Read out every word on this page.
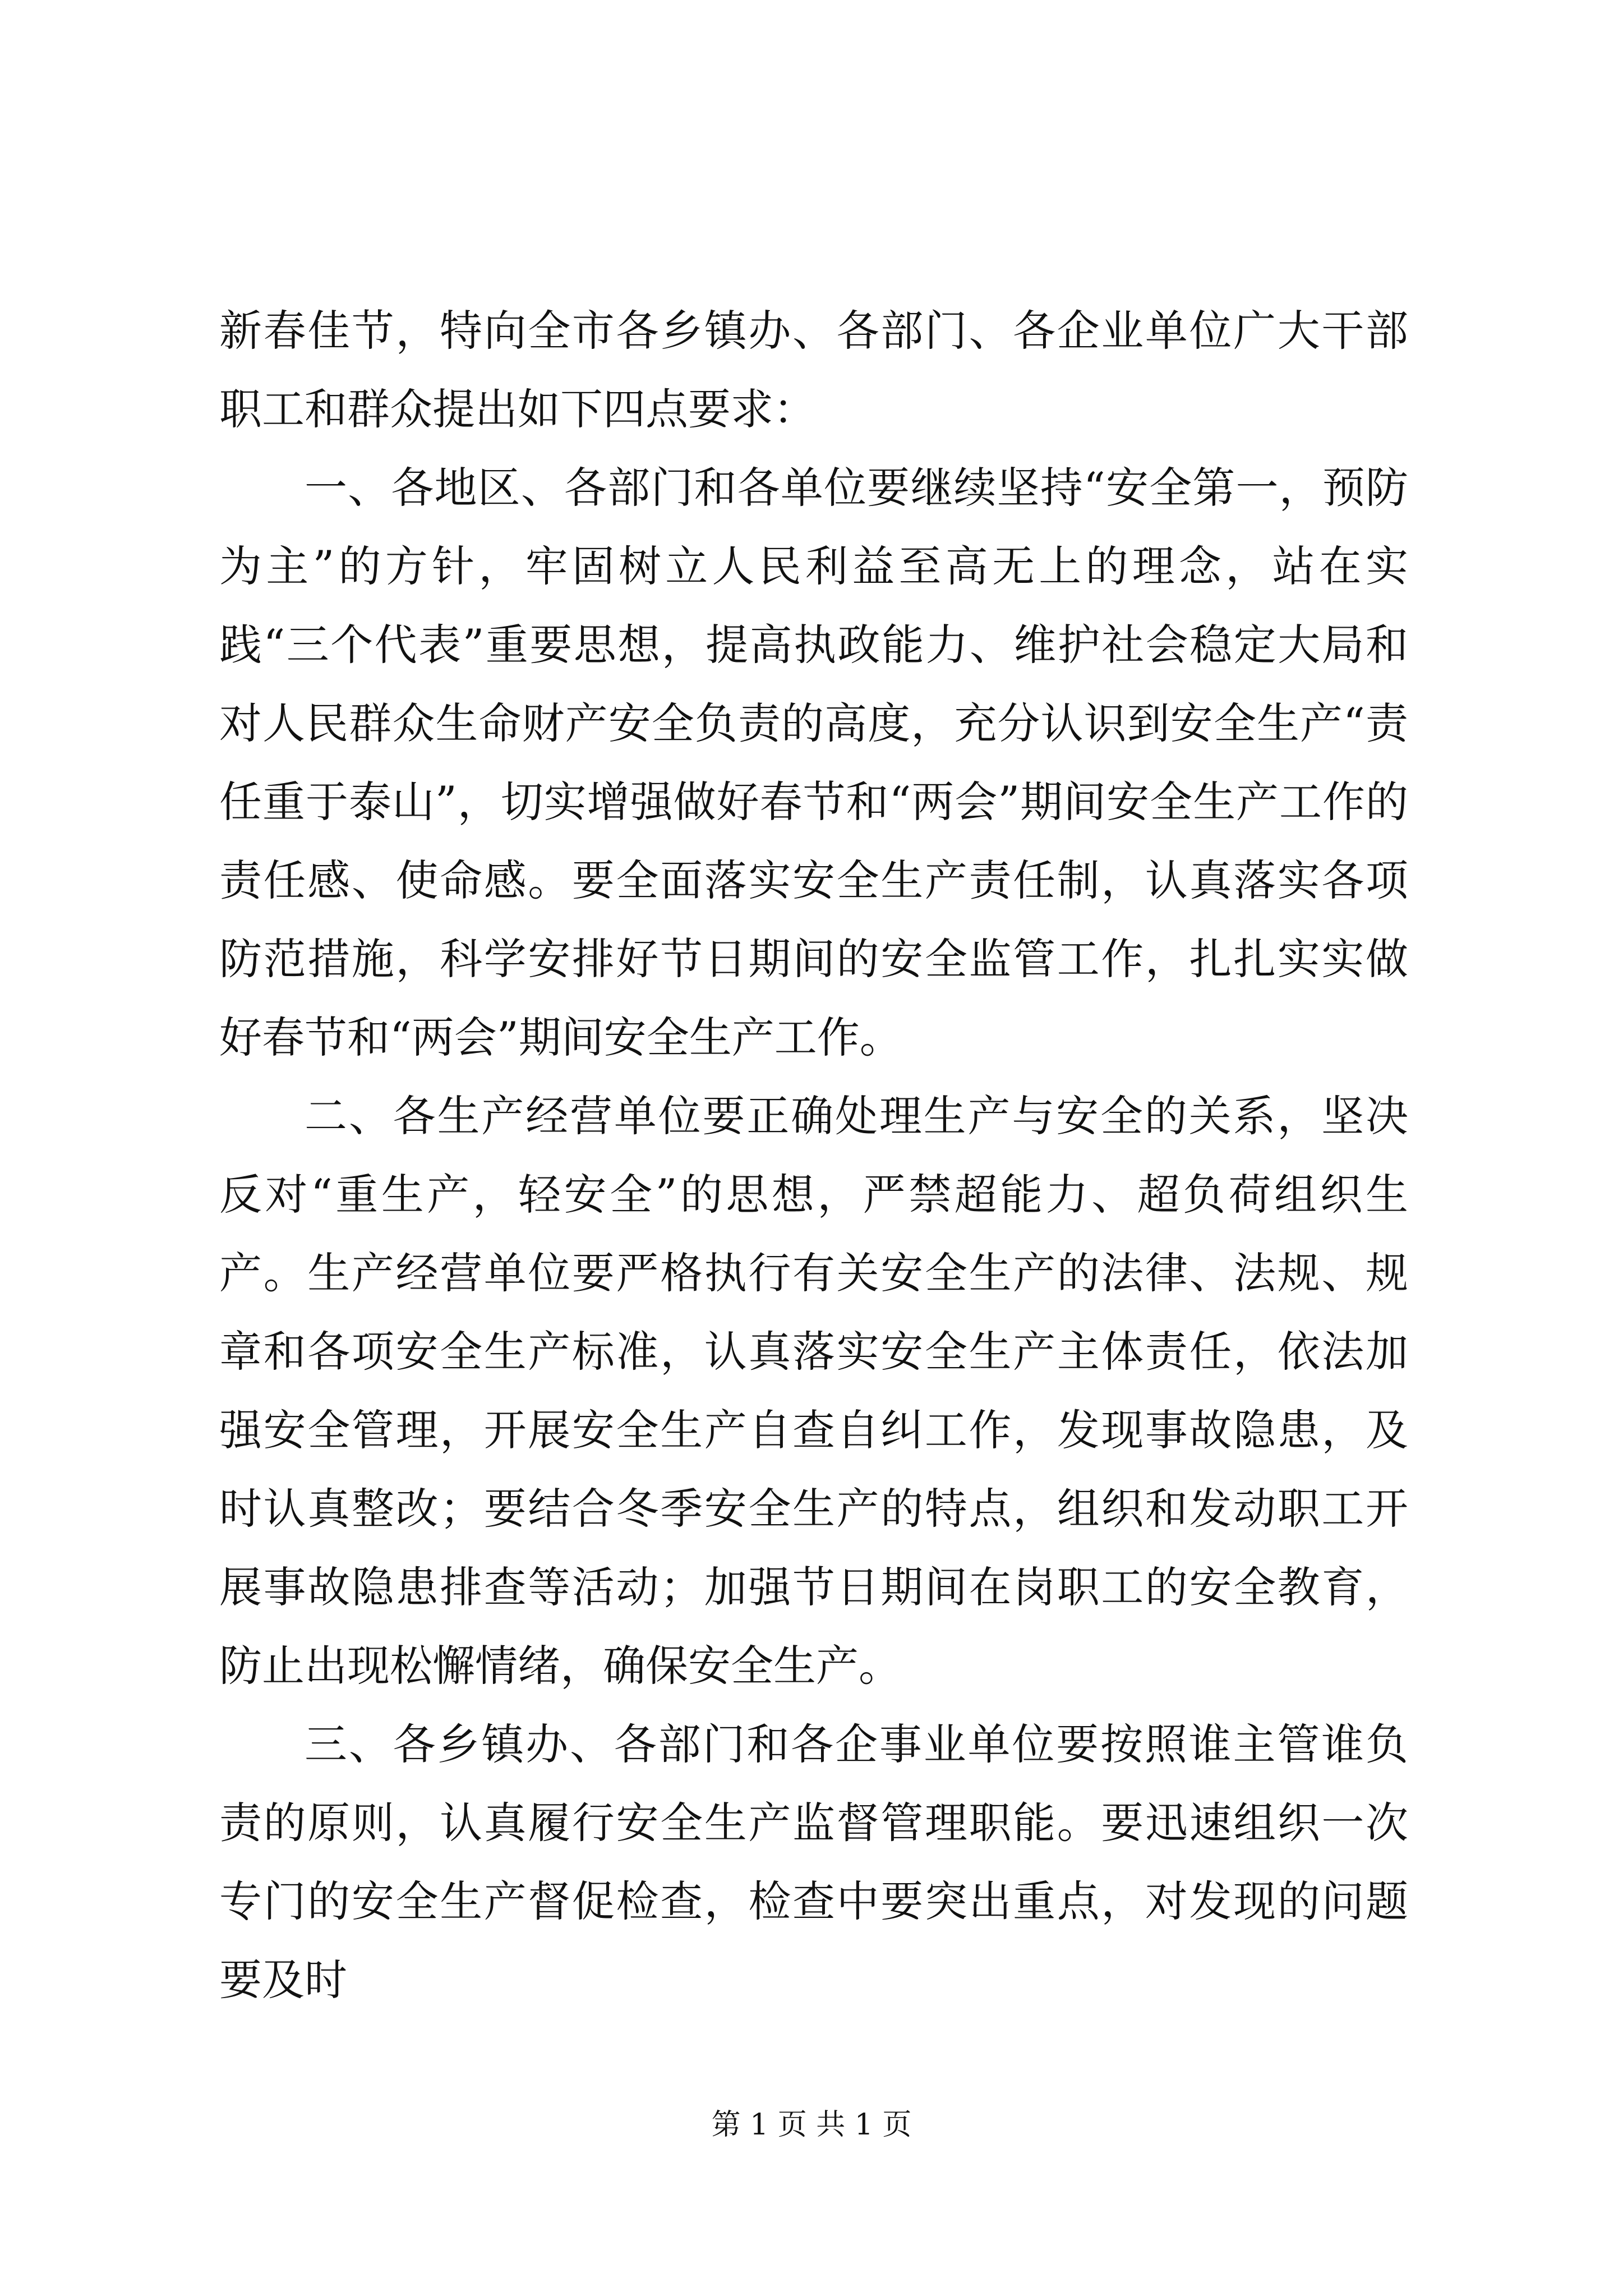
新春佳节，特向全市各乡镇办、各部门、各企业单位广大干部职工和群众提出如下四点要求：

一、各地区、各部门和各单位要继续坚持“安全第一，预防为主”的方针，牢固树立人民利益至高无上的理念，站在实践“三个代表”重要思想，提高执政能力、维护社会稳定大局和对人民群众生命财产安全负责的高度，充分认识到安全生产“责任重于泰山”，切实增强做好春节和“两会”期间安全生产工作的责任感、使命感。要全面落实安全生产责任制，认真落实各项防范措施，科学安排好节日期间的安全监管工作，扎扎实实做好春节和“两会”期间安全生产工作。

二、各生产经营单位要正确处理生产与安全的关系，坚决反对“重生产，轻安全”的思想，严禁超能力、超负荷组织生产。生产经营单位要严格执行有关安全生产的法律、法规、规章和各项安全生产标准，认真落实安全生产主体责任，依法加强安全管理，开展安全生产自查自纠工作，发现事故隐患，及时认真整改；要结合冬季安全生产的特点，组织和发动职工开展事故隐患排查等活动；加强节日期间在岗职工的安全教育，防止出现松懈情绪，确保安全生产。

三、各乡镇办、各部门和各企事业单位要按照谁主管谁负责的原则，认真履行安全生产监督管理职能。要迅速组织一次专门的安全生产督促检查，检查中要突出重点，对发现的问题要及时

第 1 页 共 1 页
